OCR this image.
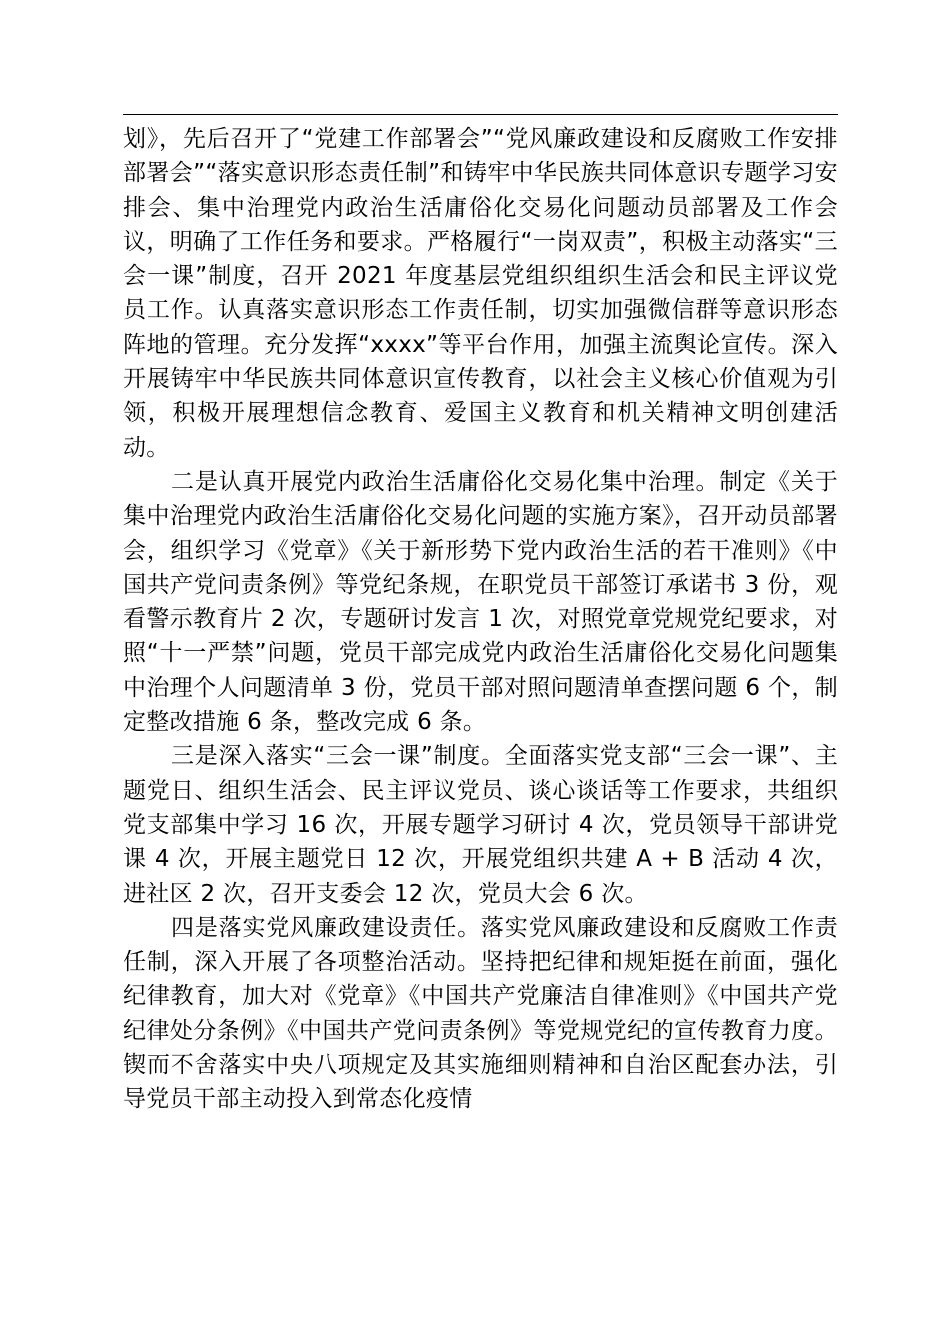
划》，先后召开了“党建工作部署会”“党风廉政建设和反腐败工作安排部署会”“落实意识形态责任制”和铸牢中华民族共同体意识专题学习安排会、集中治理党内政治生活庸俗化交易化问题动员部署及工作会议，明确了工作任务和要求。严格履行“一岗双责”，积极主动落实“三会一课”制度，召开 2021 年度基层党组织组织生活会和民主评议党员工作。认真落实意识形态工作责任制，切实加强微信群等意识形态阵地的管理。充分发挥“xxxx”等平台作用，加强主流舆论宣传。深入开展铸牢中华民族共同体意识宣传教育，以社会主义核心价值观为引领，积极开展理想信念教育、爱国主义教育和机关精神文明创建活动。

二是认真开展党内政治生活庸俗化交易化集中治理。制定《关于集中治理党内政治生活庸俗化交易化问题的实施方案》，召开动员部署会，组织学习《党章》《关于新形势下党内政治生活的若干准则》《中国共产党问责条例》等党纪条规，在职党员干部签订承诺书 3 份，观看警示教育片 2 次，专题研讨发言 1 次，对照党章党规党纪要求，对照“十一严禁”问题，党员干部完成党内政治生活庸俗化交易化问题集中治理个人问题清单 3 份，党员干部对照问题清单查摆问题 6 个，制定整改措施 6 条，整改完成 6 条。

三是深入落实“三会一课”制度。全面落实党支部“三会一课”、主题党日、组织生活会、民主评议党员、谈心谈话等工作要求，共组织党支部集中学习 16 次，开展专题学习研讨 4 次，党员领导干部讲党课 4 次，开展主题党日 12 次，开展党组织共建 A + B 活动 4 次，进社区 2 次，召开支委会 12 次，党员大会 6 次。

四是落实党风廉政建设责任。落实党风廉政建设和反腐败工作责任制，深入开展了各项整治活动。坚持把纪律和规矩挺在前面，强化纪律教育，加大对《党章》《中国共产党廉洁自律准则》《中国共产党纪律处分条例》《中国共产党问责条例》等党规党纪的宣传教育力度。锲而不舍落实中央八项规定及其实施细则精神和自治区配套办法，引导党员干部主动投入到常态化疫情
